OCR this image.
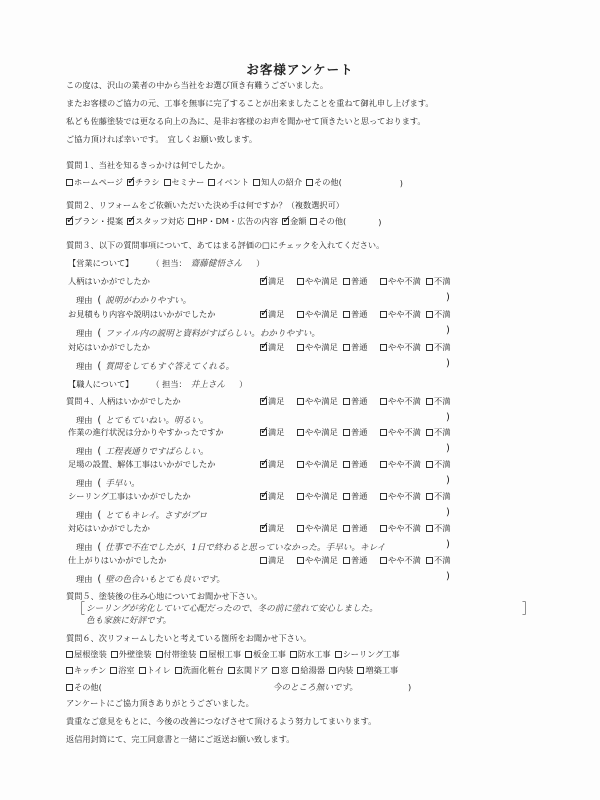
お客様アンケート
この度は、沢山の業者の中から当社をお選び頂き有難うございました。
またお客様のご協力の元、工事を無事に完了することが出来ましたことを重ねて御礼申し上げます。
私ども佐藤塗装では更なる向上の為に、是非お客様のお声を聞かせて頂きたいと思っております。
ご協力頂ければ幸いです。　宜しくお願い致します。
質問１、当社を知るきっかけは何でしたか。
ホームページ ✓ チラシ セミナー イベント 知人の紹介 その他(	)
質問２、リフォームをご依頼いただいた決め手は何ですか？（複数選択可）
✓
プラン・提案 ✓ スタッフ対応 HP・DM・広告の内容 ✓ 金額 その他(	)
質問３、以下の質問事項について、あてはまる評価の□にチェックを入れてください。
【営業について】 （ 担当： 齋藤健悟さん ）
人柄はいかがでしたか ✓	満足	やや満足 普通	やや不満 不満
理由 ( 説明がわかりやすい。	)
お見積もり内容や説明はいかがでしたか ✓	満足	やや満足 普通	やや不満 不満
理由 ( ファイル内の説明と資料がすばらしい。わかりやすい。	)
対応はいかがでしたか ✓	満足	やや満足 普通	やや不満 不満
理由 ( 質問をしてもすぐ答えてくれる。	)
【職人について】 （ 担当： 井上さん ）
質問４、人柄はいかがでしたか ✓	満足	やや満足 普通	やや不満 不満
理由 ( とてもていねい。明るい。	)
作業の進行状況は分かりやすかったですか ✓	満足	やや満足 普通	やや不満 不満
理由 ( 工程表通りですばらしい。	)
足場の設置、解体工事はいかがでしたか ✓	満足	やや満足 普通	やや不満 不満
理由 ( 手早い。	)
シーリング工事はいかがでしたか ✓	満足	やや満足 普通	やや不満 不満
理由 ( とてもキレイ。さすがプロ	)
対応はいかがでしたか ✓	満足	やや満足 普通	やや不満 不満
理由 ( 仕事で不在でしたが、1日で終わると思っていなかった。手早い。キレイ	)
仕上がりはいかがでしたか	満足	やや満足 普通	やや不満 不満
理由 ( 壁の色合いもとても良いです。	)
質問５、塗装後の住み心地についてお聞かせ下さい。
［ シーリングが劣化していて心配だったので、冬の前に塗れて安心しました。
色も家族に好評です。
］
質問６、次リフォームしたいと考えている箇所をお聞かせ下さい。
屋根塗装 外壁塗装 付帯塗装 屋根工事 板金工事 防水工事 シーリング工事
キッチン 浴室 トイレ 洗面化粧台 玄関ドア 窓 給湯器 内装 増築工事
その他(	今のところ無いです。	)
アンケートにご協力頂きありがとうございました。
貴重なご意見をもとに、今後の改善につなげさせて頂けるよう努力してまいります。
返信用封筒にて、完工同意書と一緒にご返送お願い致します。
